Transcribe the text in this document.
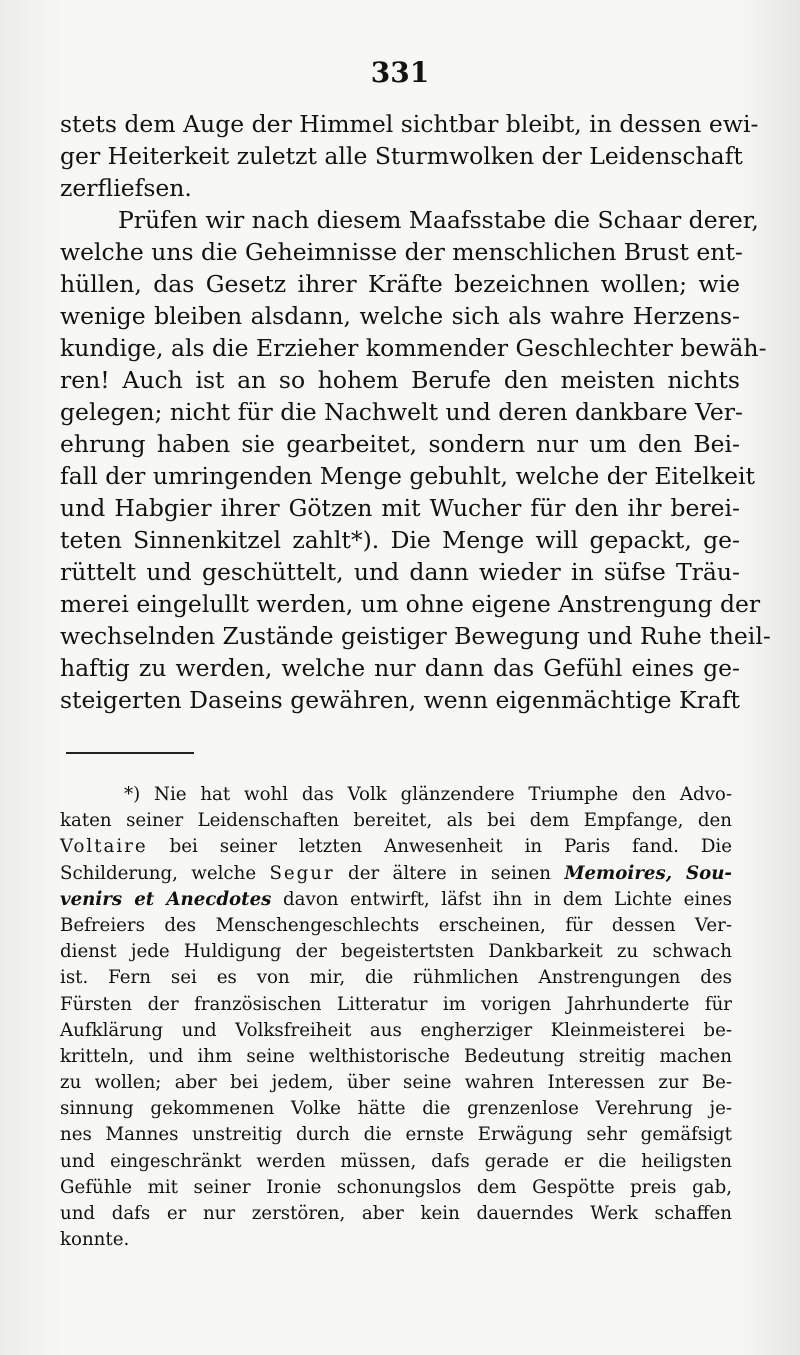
331
stets dem Auge der Himmel sichtbar bleibt, in dessen ewi-
ger Heiterkeit zuletzt alle Sturmwolken der Leidenschaft
zerfliefsen.
Prüfen wir nach diesem Maafsstabe die Schaar derer,
welche uns die Geheimnisse der menschlichen Brust ent-
hüllen, das Gesetz ihrer Kräfte bezeichnen wollen; wie
wenige bleiben alsdann, welche sich als wahre Herzens-
kundige, als die Erzieher kommender Geschlechter bewäh-
ren! Auch ist an so hohem Berufe den meisten nichts
gelegen; nicht für die Nachwelt und deren dankbare Ver-
ehrung haben sie gearbeitet, sondern nur um den Bei-
fall der umringenden Menge gebuhlt, welche der Eitelkeit
und Habgier ihrer Götzen mit Wucher für den ihr berei-
teten Sinnenkitzel zahlt*). Die Menge will gepackt, ge-
rüttelt und geschüttelt, und dann wieder in süfse Träu-
merei eingelullt werden, um ohne eigene Anstrengung der
wechselnden Zustände geistiger Bewegung und Ruhe theil-
haftig zu werden, welche nur dann das Gefühl eines ge-
steigerten Daseins gewähren, wenn eigenmächtige Kraft
*) Nie hat wohl das Volk glänzendere Triumphe den Advo-
katen seiner Leidenschaften bereitet, als bei dem Empfange, den
Voltaire bei seiner letzten Anwesenheit in Paris fand. Die
Schilderung, welche Segur der ältere in seinen Memoires, Sou-
venirs et Anecdotes davon entwirft, läfst ihn in dem Lichte eines
Befreiers des Menschengeschlechts erscheinen, für dessen Ver-
dienst jede Huldigung der begeistertsten Dankbarkeit zu schwach
ist. Fern sei es von mir, die rühmlichen Anstrengungen des
Fürsten der französischen Litteratur im vorigen Jahrhunderte für
Aufklärung und Volksfreiheit aus engherziger Kleinmeisterei be-
kritteln, und ihm seine welthistorische Bedeutung streitig machen
zu wollen; aber bei jedem, über seine wahren Interessen zur Be-
sinnung gekommenen Volke hätte die grenzenlose Verehrung je-
nes Mannes unstreitig durch die ernste Erwägung sehr gemäfsigt
und eingeschränkt werden müssen, dafs gerade er die heiligsten
Gefühle mit seiner Ironie schonungslos dem Gespötte preis gab,
und dafs er nur zerstören, aber kein dauerndes Werk schaffen
konnte.
